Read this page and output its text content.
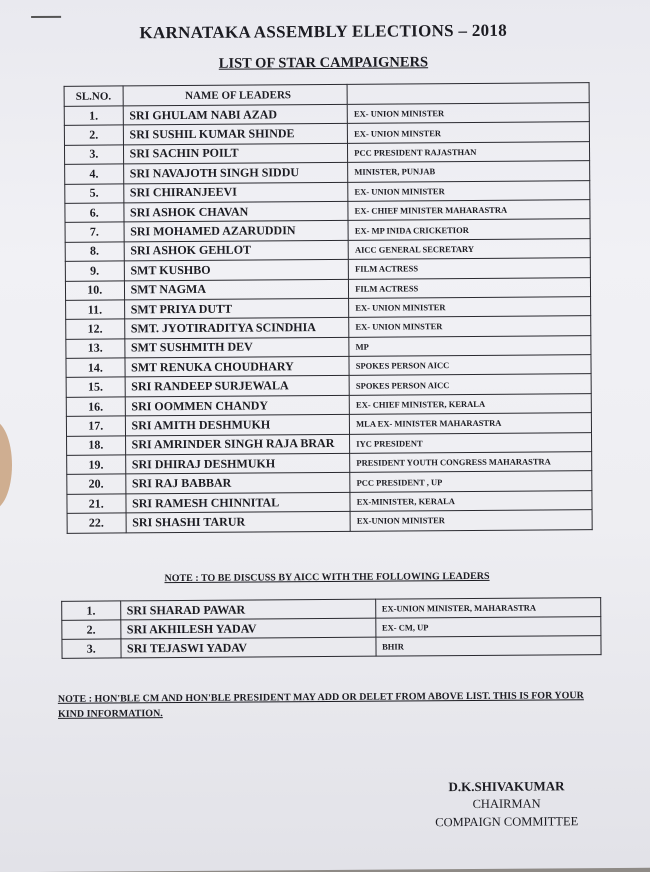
KARNATAKA ASSEMBLY ELECTIONS – 2018
LIST OF STAR CAMPAIGNERS
SL.NO.	NAME OF LEADERS	
1.	SRI GHULAM NABI AZAD	EX- UNION MINISTER
2.	SRI SUSHIL KUMAR SHINDE	EX- UNION MINSTER
3.	SRI SACHIN POILT	PCC PRESIDENT RAJASTHAN
4.	SRI NAVAJOTH SINGH SIDDU	MINISTER, PUNJAB
5.	SRI CHIRANJEEVI	EX- UNION MINISTER
6.	SRI ASHOK CHAVAN	EX- CHIEF MINISTER MAHARASTRA
7.	SRI MOHAMED AZARUDDIN	EX- MP INIDA CRICKETIOR
8.	SRI ASHOK GEHLOT	AICC GENERAL SECRETARY
9.	SMT KUSHBO	FILM ACTRESS
10.	SMT NAGMA	FILM ACTRESS
11.	SMT PRIYA DUTT	EX- UNION MINISTER
12.	SMT. JYOTIRADITYA SCINDHIA	EX- UNION MINSTER
13.	SMT SUSHMITH DEV	MP
14.	SMT RENUKA CHOUDHARY	SPOKES PERSON AICC
15.	SRI RANDEEP SURJEWALA	SPOKES PERSON AICC
16.	SRI OOMMEN CHANDY	EX- CHIEF MINISTER, KERALA
17.	SRI AMITH DESHMUKH	MLA EX- MINISTER MAHARASTRA
18.	SRI AMRINDER SINGH RAJA BRAR	IYC PRESIDENT
19.	SRI DHIRAJ DESHMUKH	PRESIDENT YOUTH CONGRESS MAHARASTRA
20.	SRI RAJ BABBAR	PCC PRESIDENT , UP
21.	SRI RAMESH CHINNITAL	EX-MINISTER, KERALA
22.	SRI SHASHI TARUR	EX-UNION MINISTER
NOTE : TO BE DISCUSS BY AICC WITH THE FOLLOWING LEADERS
1.	SRI SHARAD PAWAR	EX-UNION MINISTER, MAHARASTRA
2.	SRI AKHILESH YADAV	EX- CM, UP
3.	SRI TEJASWI YADAV	BHIR
NOTE : HON'BLE CM AND HON'BLE PRESIDENT MAY ADD OR DELET FROM ABOVE LIST. THIS IS FOR YOUR KIND INFORMATION.
D.K.SHIVAKUMAR
CHAIRMAN
COMPAIGN COMMITTEE
